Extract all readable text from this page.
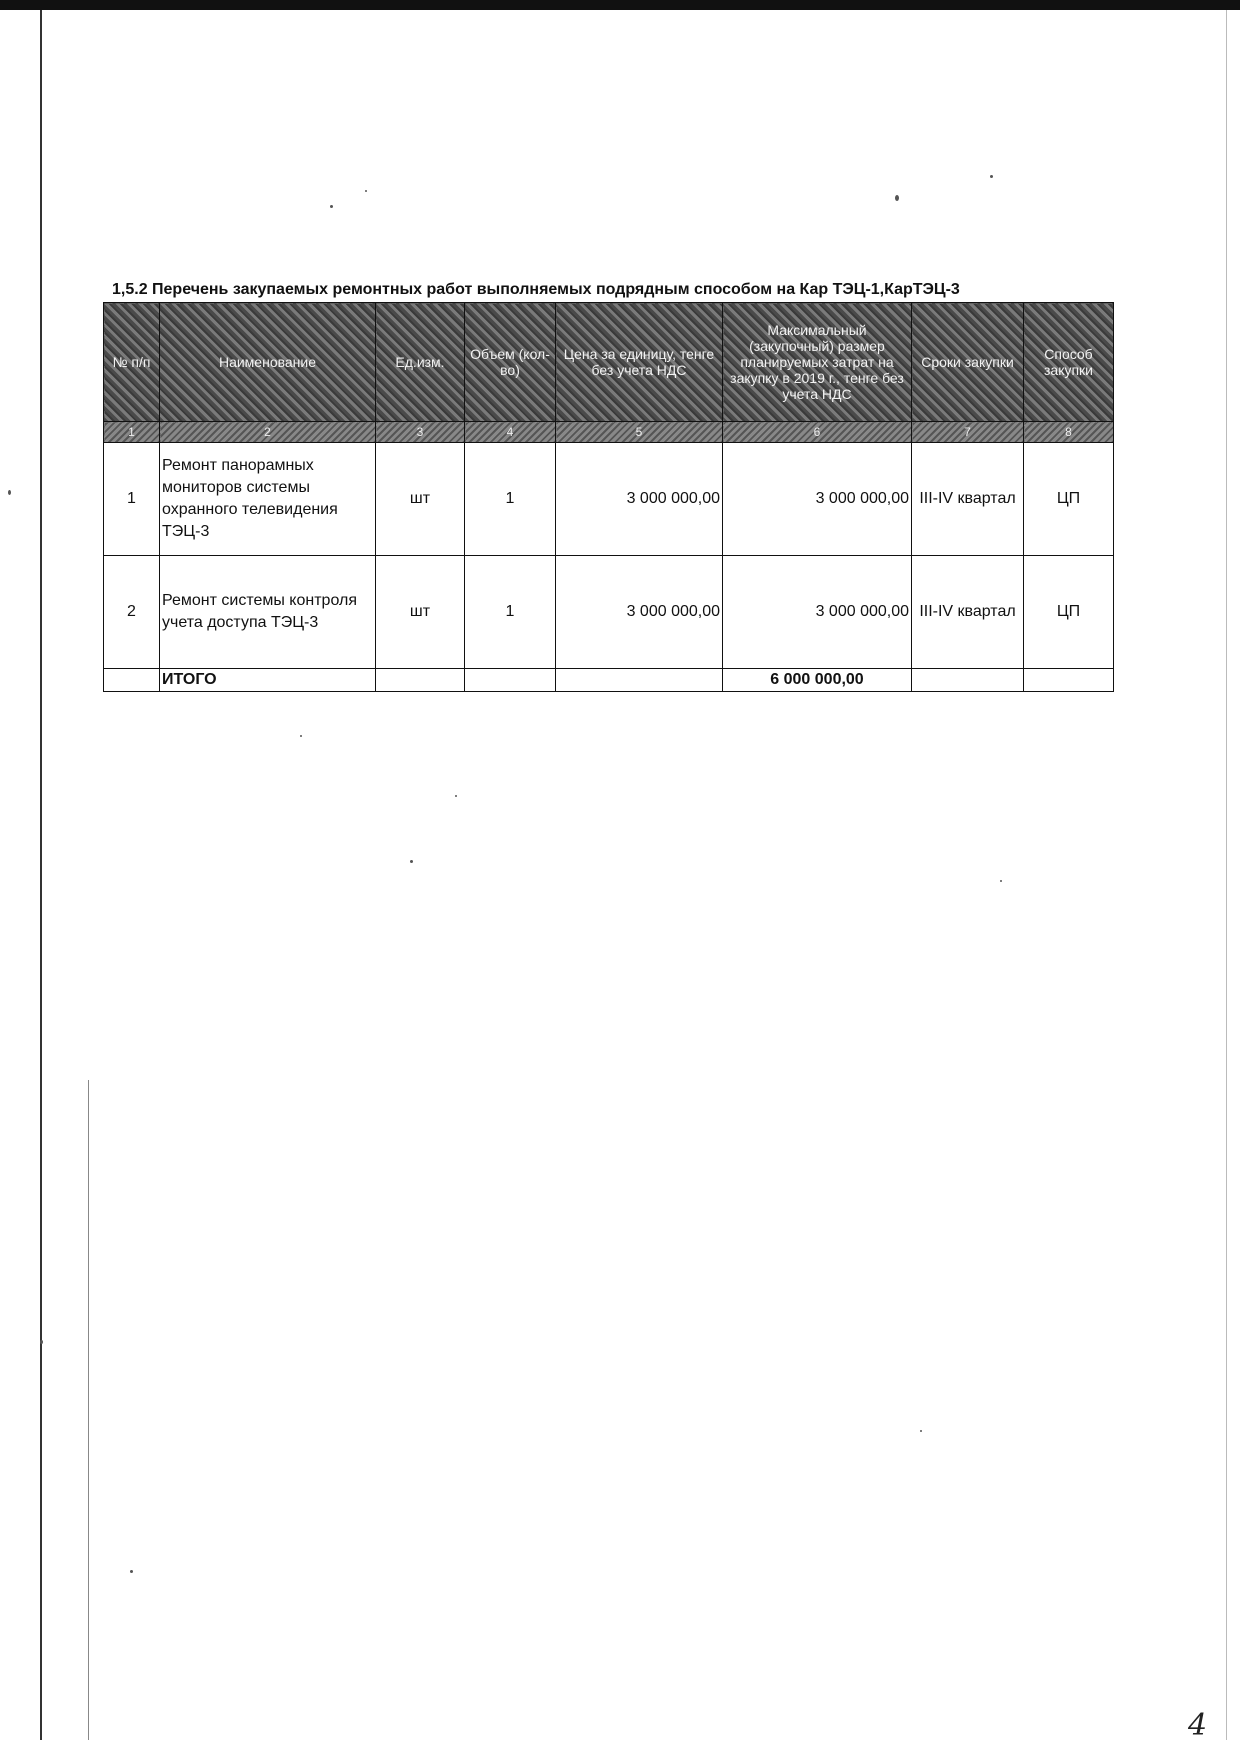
1,5.2 Перечень закупаемых ремонтных работ выполняемых подрядным способом на Кар ТЭЦ-1,КарТЭЦ-3
№ п/п	Наименование	Ед.изм.	Объем (кол-во)	Цена за единицу, тенге без учета НДС	Максимальный (закупочный) размер планируемых затрат на закупку в 2019 г., тенге без учета НДС	Сроки закупки	Способ закупки
1	2	3	4	5	6	7	8
1	Ремонт панорамных мониторов системы охранного телевидения ТЭЦ-3	шт	1	3 000 000,00	3 000 000,00	III-IV квартал	ЦП
2	Ремонт системы контроля учета доступа ТЭЦ-3	шт	1	3 000 000,00	3 000 000,00	III-IV квартал	ЦП
	ИТОГО				6 000 000,00		
4
